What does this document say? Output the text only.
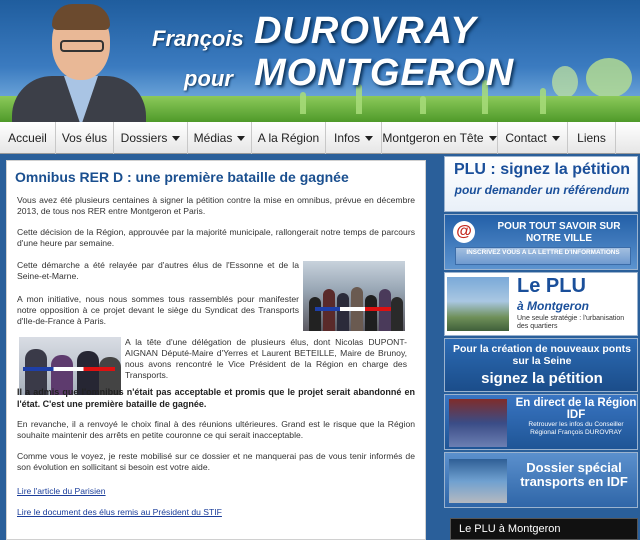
François DUROVRAY
pour MONTGERON
Accueil Vos élus Dossiers Médias A la Région Infos Montgeron en Tête Contact	Liens
Omnibus RER D : une première bataille de gagnée
Vous avez été plusieurs centaines à signer la pétition contre la mise en omnibus, prévue en décembre 2013, de tous nos RER entre Montgeron et Paris.
Cette décision de la Région, approuvée par la majorité municipale, rallongerait notre temps de parcours d'une heure par semaine.
Cette démarche a été relayée par d'autres élus de l'Essonne et de la Seine-et-Marne.
A mon initiative, nous nous sommes tous rassemblés pour manifester notre opposition à ce projet devant le siège du Syndicat des Transports d'Ile-de-France à Paris.
A la tête d'une délégation de plusieurs élus, dont Nicolas DUPONT-AIGNAN Député-Maire d'Yerres et Laurent BETEILLE, Maire de Brunoy, nous avons rencontré le Vice Président de la Région en charge des Transports.
Il a admis que l'omnibus n'était pas acceptable et promis que le projet serait abandonné en l'état. C'est une première bataille de gagnée.
En revanche, il a renvoyé le choix final à des réunions ultérieures. Grand est le risque que la Région souhaite maintenir des arrêts en petite couronne ce qui serait inacceptable.
Comme vous le voyez, je reste mobilisé sur ce dossier et ne manquerai pas de vous tenir informés de son évolution en sollicitant si besoin est votre aide.
Lire l'article du Parisien
Lire le document des élus remis au Président du STIF
PLU : signez la pétition
pour demander un référendum
@	POUR TOUT SAVOIR SUR NOTRE VILLE
INSCRIVEZ VOUS A LA LETTRE D'INFORMATIONS
Le PLU
à Montgeron
Une seule stratégie : l'urbanisation des quartiers
Pour la création de nouveaux ponts sur la Seine
signez la pétition
En direct de la Région IDF
Retrouver les infos du Conseiller Régional François DUROVRAY
Dossier spécial transports en IDF
Le PLU à Montgeron
